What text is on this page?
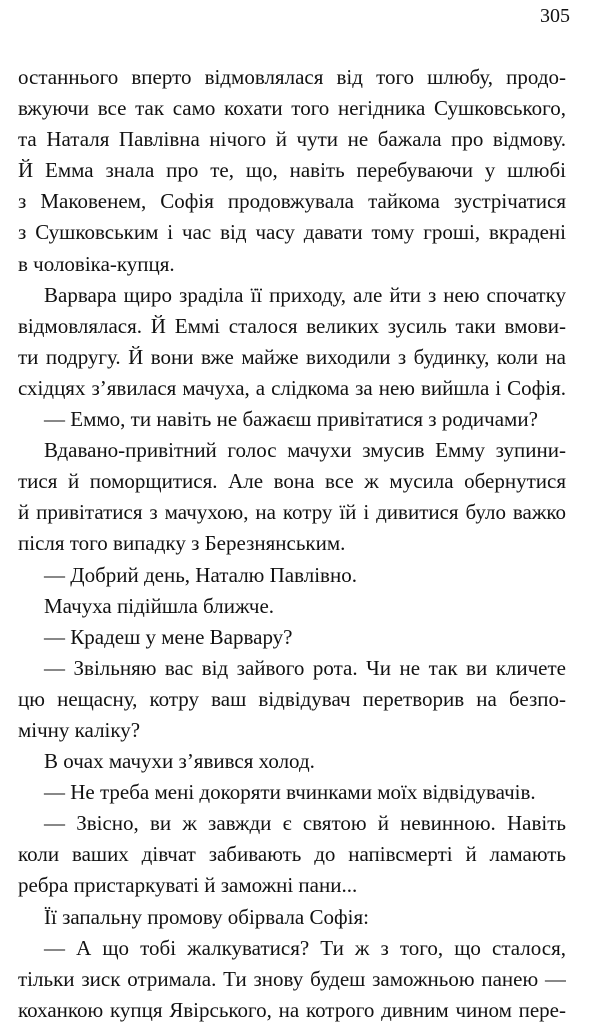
305
останнього вперто відмовлялася від того шлюбу, продо-
вжуючи все так само кохати того негідника Сушковського,
та Наталя Павлівна нічого й чути не бажала про відмову.
Й Емма знала про те, що, навіть перебуваючи у шлюбі
з Маковенем, Софія продовжувала тайкома зустрічатися
з Сушковським і час від часу давати тому гроші, вкрадені
в чоловіка-купця.
Варвара щиро зраділа її приходу, але йти з нею спочатку
відмовлялася. Й Еммі сталося великих зусиль таки вмови-
ти подругу. Й вони вже майже виходили з будинку, коли на
східцях з’явилася мачуха, а слідкома за нею вийшла і Софія.
— Еммо, ти навіть не бажаєш привітатися з родичами?
Вдавано-привітний голос мачухи змусив Емму зупини-
тися й поморщитися. Але вона все ж мусила обернутися
й привітатися з мачухою, на котру їй і дивитися було важко
після того випадку з Березнянським.
— Добрий день, Наталю Павлівно.
Мачуха підійшла ближче.
— Крадеш у мене Варвару?
— Звільняю вас від зайвого рота. Чи не так ви кличете
цю нещасну, котру ваш відвідувач перетворив на безпо-
мічну каліку?
В очах мачухи з’явився холод.
— Не треба мені докоряти вчинками моїх відвідувачів.
— Звісно, ви ж завжди є святою й невинною. Навіть
коли ваших дівчат забивають до напівсмерті й ламають
ребра пристаркуваті й заможні пани...
Її запальну промову обірвала Софія:
— А що тобі жалкуватися? Ти ж з того, що сталося,
тільки зиск отримала. Ти знову будеш заможньою панею —
коханкою купця Явірського, на котрого дивним чином пере-
